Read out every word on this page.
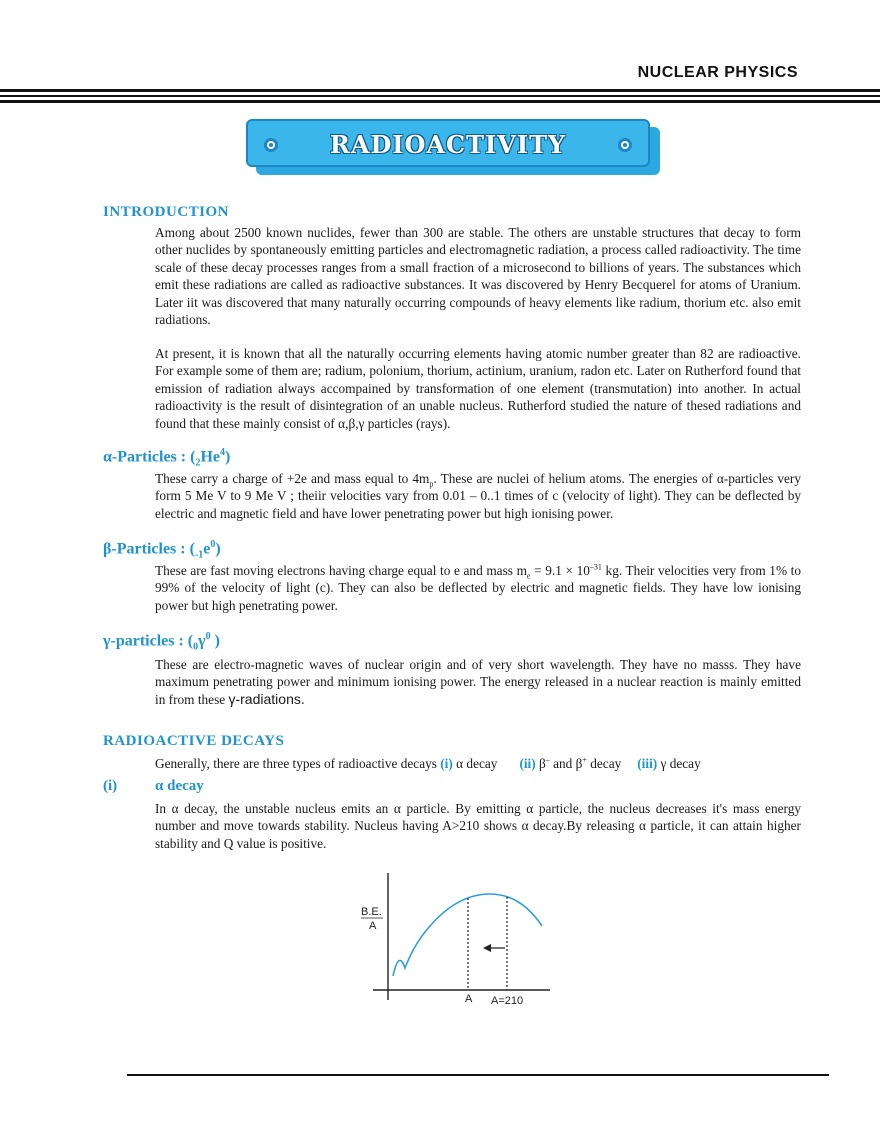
NUCLEAR PHYSICS
RADIOACTIVITY
INTRODUCTION
Among about 2500 known nuclides, fewer than 300 are stable. The others are unstable structures that decay to form other nuclides by spontaneously emitting particles and electromagnetic radiation, a process called radioactivity. The time scale of these decay processes ranges from a small fraction of a microsecond to billions of years. The substances which emit these radiations are called as radioactive substances. It was discovered by Henry Becquerel for atoms of Uranium. Later iit was discovered that many naturally occurring compounds of heavy elements like radium, thorium etc. also emit radiations.
At present, it is known that all the naturally occurring elements having atomic number greater than 82 are radioactive. For example some of them are; radium, polonium, thorium, actinium, uranium, radon etc. Later on Rutherford found that emission of radiation always accompained by transformation of one element (transmutation) into another. In actual radioactivity is the result of disintegration of an unable nucleus. Rutherford studied the nature of thesed radiations and found that these mainly consist of α,β,γ particles (rays).
α-Particles : $(_2He^4)$
These carry a charge of +2e and mass equal to $4m_p$. These are nuclei of helium atoms. The energies of α-particles very form 5 Me V to 9 Me V ; theiir velocities vary from 0.01 – 0..1 times of c (velocity of light). They can be deflected by electric and magnetic field and have lower penetrating power but high ionising power.
β-Particles : $(_{-1}e^0)$
These are fast moving electrons having charge equal to e and mass $m_e = 9.1 \times 10^{-31}$ kg. Their velocities very from 1% to 99% of the velocity of light (c). They can also be deflected by electric and magnetic fields. They have low ionising power but high penetrating power.
γ-particles : ($_0\gamma^0$ )
These are electro-magnetic waves of nuclear origin and of very short wavelength. They have no masss. They have maximum penetrating power and minimum ionising power. The energy released in a nuclear reaction is mainly emitted in from these γ-radiations.
RADIOACTIVE DECAYS
Generally, there are three types of radioactive decays (i) α decay (ii) β– and β+ decay (iii) γ decay
(i)	α decay
In α decay, the unstable nucleus emits an α particle. By emitting α particle, the nucleus decreases it's mass energy number and move towards stability. Nucleus having A>210 shows α decay.By releasing α particle, it can attain higher stability and Q value is positive.
B.E.
A
A A=210
